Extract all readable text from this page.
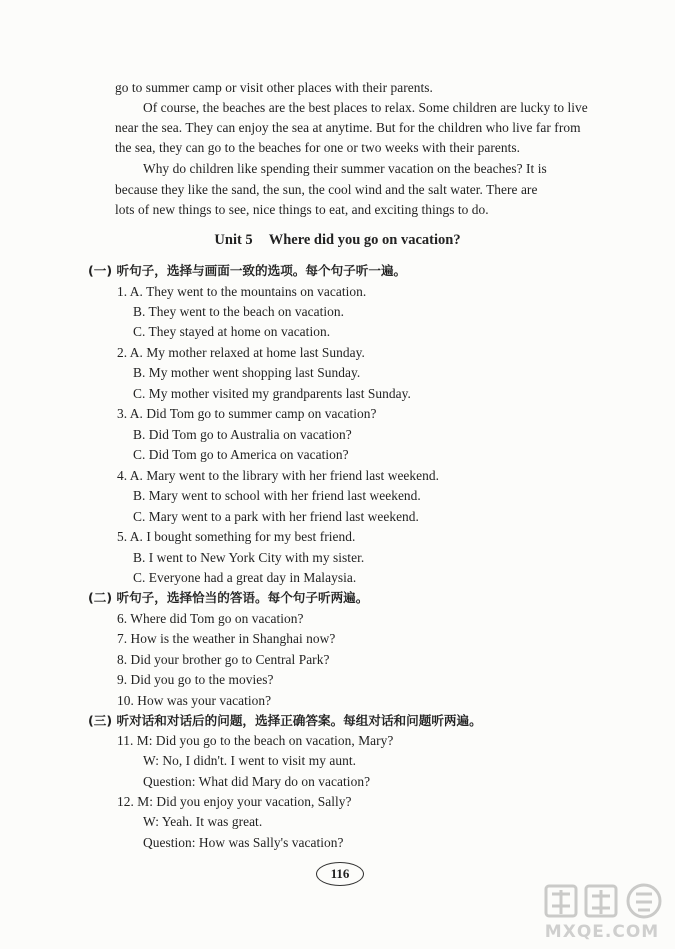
go to summer camp or visit other places with their parents.
Of course, the beaches are the best places to relax. Some children are lucky to live
near the sea. They can enjoy the sea at anytime. But for the children who live far from
the sea, they can go to the beaches for one or two weeks with their parents.
Why do children like spending their summer vacation on the beaches? It is
because they like the sand, the sun, the cool wind and the salt water. There are
lots of new things to see, nice things to eat, and exciting things to do.
Unit 5 Where did you go on vacation?
(一) 听句子，选择与画面一致的选项。每个句子听一遍。
1. A. They went to the mountains on vacation.
B. They went to the beach on vacation.
C. They stayed at home on vacation.
2. A. My mother relaxed at home last Sunday.
B. My mother went shopping last Sunday.
C. My mother visited my grandparents last Sunday.
3. A. Did Tom go to summer camp on vacation?
B. Did Tom go to Australia on vacation?
C. Did Tom go to America on vacation?
4. A. Mary went to the library with her friend last weekend.
B. Mary went to school with her friend last weekend.
C. Mary went to a park with her friend last weekend.
5. A. I bought something for my best friend.
B. I went to New York City with my sister.
C. Everyone had a great day in Malaysia.
(二) 听句子，选择恰当的答语。每个句子听两遍。
6. Where did Tom go on vacation?
7. How is the weather in Shanghai now?
8. Did your brother go to Central Park?
9. Did you go to the movies?
10. How was your vacation?
(三) 听对话和对话后的问题，选择正确答案。每组对话和问题听两遍。
11. M: Did you go to the beach on vacation, Mary?
W: No, I didn't. I went to visit my aunt.
Question: What did Mary do on vacation?
12. M: Did you enjoy your vacation, Sally?
W: Yeah. It was great.
Question: How was Sally's vacation?
116
MXQE.COM
